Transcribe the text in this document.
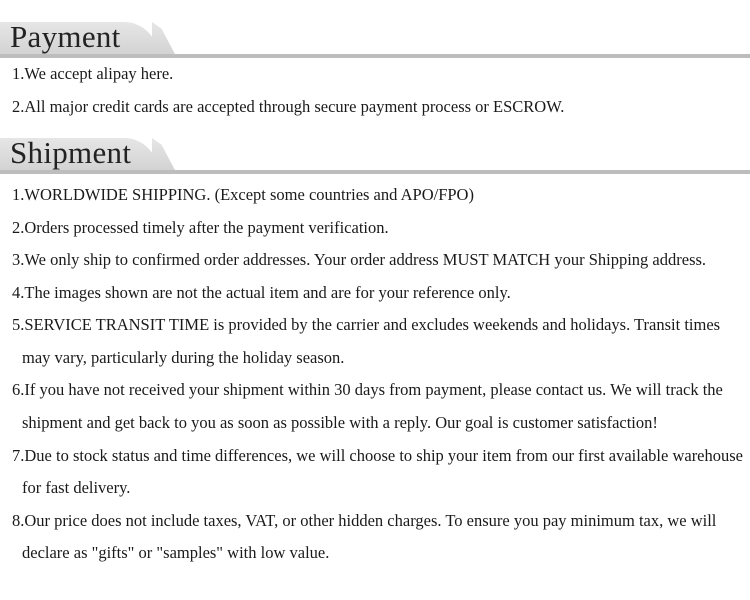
Payment
1.We accept alipay here.
2.All major credit cards are accepted through secure payment process or ESCROW.
Shipment
1.WORLDWIDE SHIPPING. (Except some countries and APO/FPO)
2.Orders processed timely after the payment verification.
3.We only ship to confirmed order addresses. Your order address MUST MATCH your Shipping address.
4.The images shown are not the actual item and are for your reference only.
5.SERVICE TRANSIT TIME is provided by the carrier and excludes weekends and holidays. Transit times
may vary, particularly during the holiday season.
6.If you have not received your shipment within 30 days from payment, please contact us. We will track the
shipment and get back to you as soon as possible with a reply. Our goal is customer satisfaction!
7.Due to stock status and time differences, we will choose to ship your item from our first available warehouse
for fast delivery.
8.Our price does not include taxes, VAT, or other hidden charges. To ensure you pay minimum tax, we will
declare as "gifts" or "samples" with low value.
